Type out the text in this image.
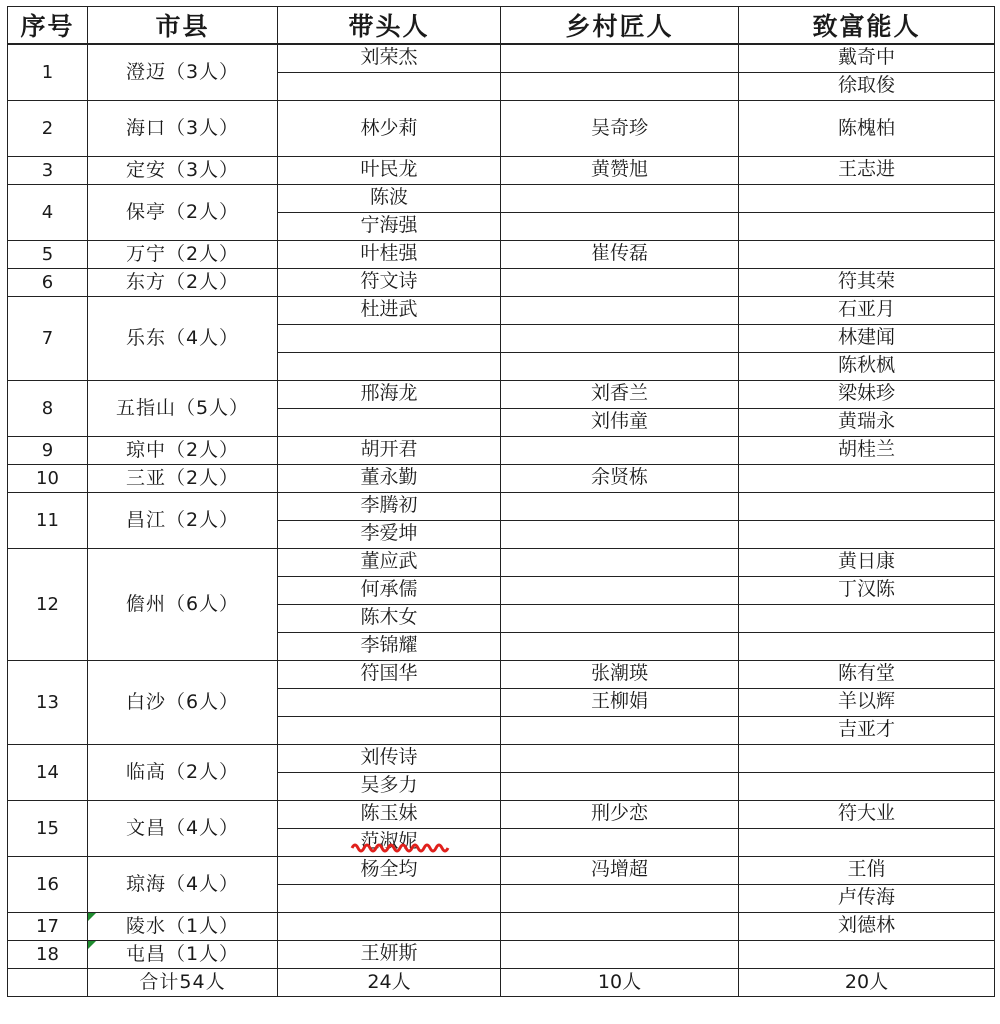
序号	市县	带头人	乡村匠人	致富能人
1	澄迈（3人）	刘荣杰		戴奇中
				徐取俊
2	海口（3人）	林少莉	吴奇珍	陈槐柏
3	定安（3人）	叶民龙	黄赞旭	王志进
4	保亭（2人）	陈波		
		宁海强		
5	万宁（2人）	叶桂强	崔传磊	
6	东方（2人）	符文诗		符其荣
7	乐东（4人）	杜进武		石亚月
				林建闻
				陈秋枫
8	五指山（5人）	邢海龙	刘香兰	梁妹珍
			刘伟童	黄瑞永
9	琼中（2人）	胡开君		胡桂兰
10	三亚（2人）	董永勤	余贤栋	
11	昌江（2人）	李腾初		
		李爱坤		
12	儋州（6人）	董应武		黄日康
		何承儒		丁汉陈
		陈木女		
		李锦耀		
13	白沙（6人）	符国华	张潮瑛	陈有堂
			王柳娟	羊以辉
				吉亚才
14	临高（2人）	刘传诗		
		吴多力		
15	文昌（4人）	陈玉妹	刑少恋	符大业
		范淑妮

16	琼海（4人）	杨全均	冯增超	王俏
				卢传海
17	陵水（1人）			刘德林
18	屯昌（1人）	王妍斯		
	合计54人	24人	10人	20人
